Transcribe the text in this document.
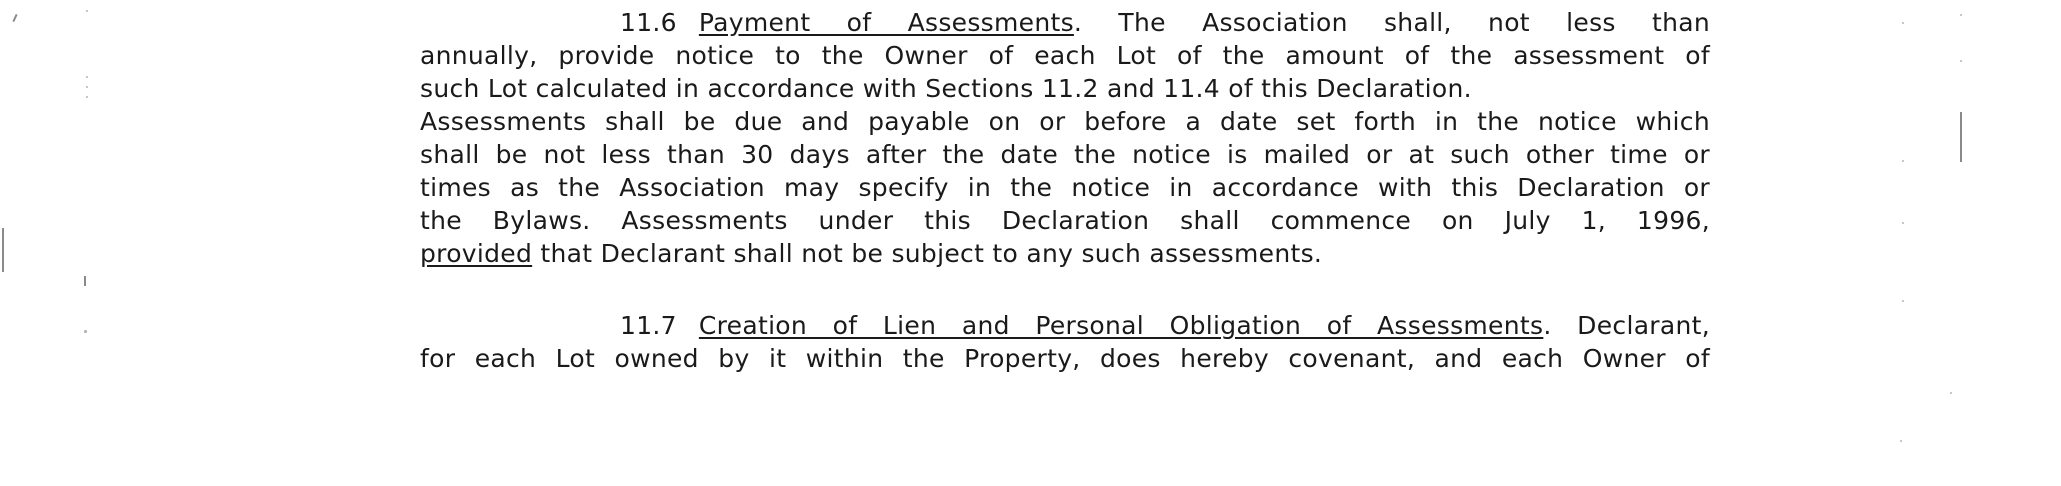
11.6 Payment of Assessments. The Association shall, not less than
annually, provide notice to the Owner of each Lot of the amount of the assessment of
such Lot calculated in accordance with Sections 11.2 and 11.4 of this Declaration.
Assessments shall be due and payable on or before a date set forth in the notice which
shall be not less than 30 days after the date the notice is mailed or at such other time or
times as the Association may specify in the notice in accordance with this Declaration or
the Bylaws. Assessments under this Declaration shall commence on July 1, 1996,
provided that Declarant shall not be subject to any such assessments.
11.7 Creation of Lien and Personal Obligation of Assessments. Declarant,
for each Lot owned by it within the Property, does hereby covenant, and each Owner of
